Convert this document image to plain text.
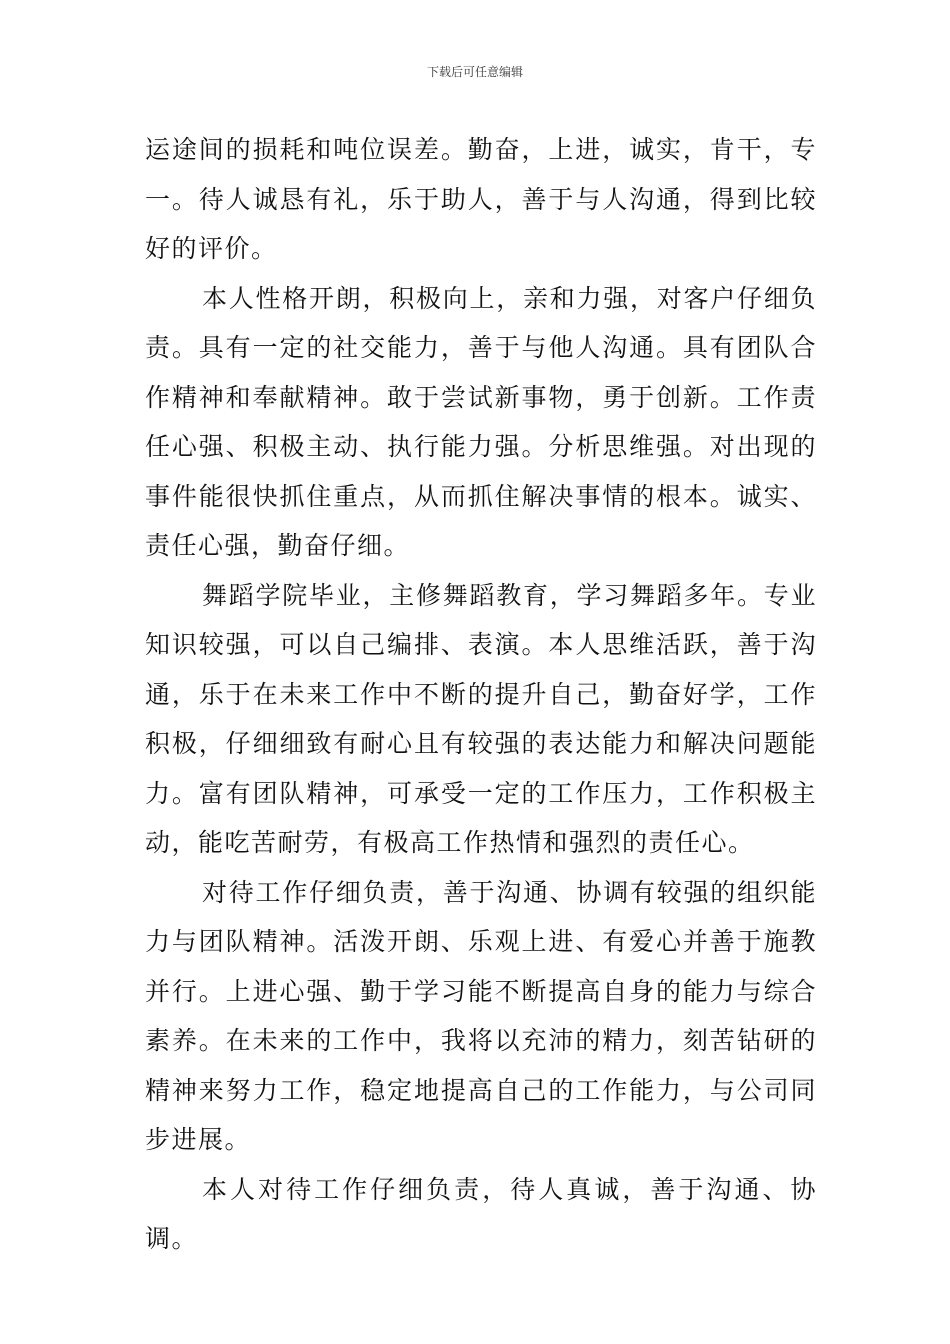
下载后可任意编辑

运途间的损耗和吨位误差。勤奋，上进，诚实，肯干，专一。待人诚恳有礼，乐于助人，善于与人沟通，得到比较好的评价。

本人性格开朗，积极向上，亲和力强，对客户仔细负责。具有一定的社交能力，善于与他人沟通。具有团队合作精神和奉献精神。敢于尝试新事物，勇于创新。工作责任心强、积极主动、执行能力强。分析思维强。对出现的事件能很快抓住重点，从而抓住解决事情的根本。诚实、责任心强，勤奋仔细。

舞蹈学院毕业，主修舞蹈教育，学习舞蹈多年。专业知识较强，可以自己编排、表演。本人思维活跃，善于沟通，乐于在未来工作中不断的提升自己，勤奋好学，工作积极，仔细细致有耐心且有较强的表达能力和解决问题能力。富有团队精神，可承受一定的工作压力，工作积极主动，能吃苦耐劳，有极高工作热情和强烈的责任心。

对待工作仔细负责，善于沟通、协调有较强的组织能力与团队精神。活泼开朗、乐观上进、有爱心并善于施教并行。上进心强、勤于学习能不断提高自身的能力与综合素养。在未来的工作中，我将以充沛的精力，刻苦钻研的精神来努力工作，稳定地提高自己的工作能力，与公司同步进展。

本人对待工作仔细负责，待人真诚，善于沟通、协调。
